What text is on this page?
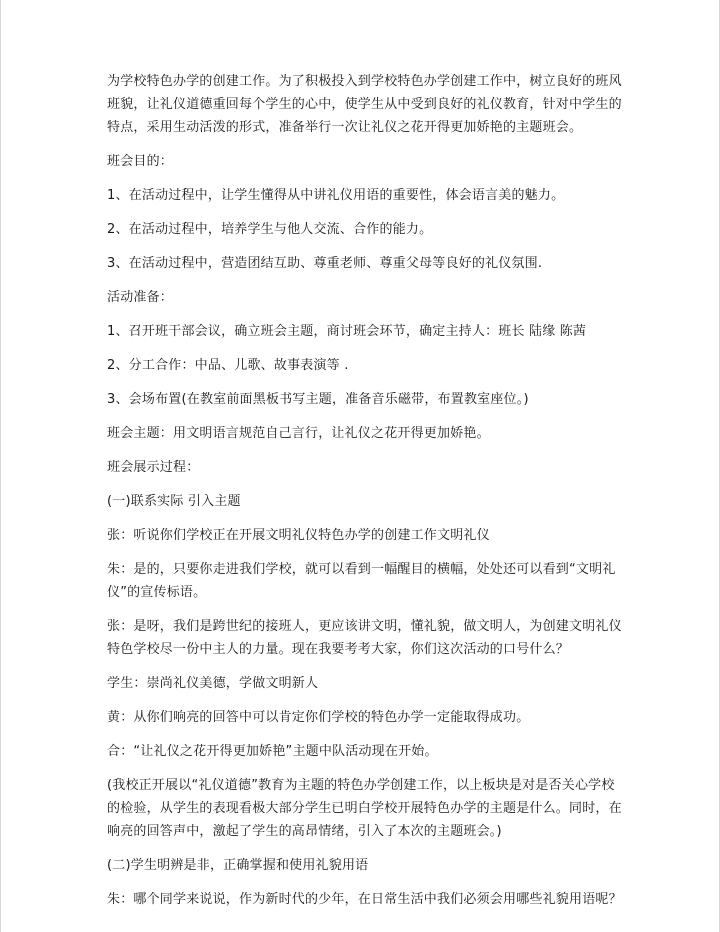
为学校特色办学的创建工作。为了积极投入到学校特色办学创建工作中，树立良好的班风班貌，让礼仪道德重回每个学生的心中，使学生从中受到良好的礼仪教育，针对中学生的特点，采用生动活泼的形式，准备举行一次让礼仪之花开得更加娇艳的主题班会。

班会目的：

1、在活动过程中，让学生懂得从中讲礼仪用语的重要性，体会语言美的魅力。

2、在活动过程中，培养学生与他人交流、合作的能力。

3、在活动过程中，营造团结互助、尊重老师、尊重父母等良好的礼仪氛围.

活动准备：

1、召开班干部会议，确立班会主题，商讨班会环节，确定主持人：班长 陆缘 陈茜

2、分工合作：中品、儿歌、故事表演等 .

3、会场布置(在教室前面黑板书写主题，准备音乐磁带，布置教室座位。)

班会主题：用文明语言规范自己言行，让礼仪之花开得更加娇艳。

班会展示过程：

(一)联系实际 引入主题

张：听说你们学校正在开展文明礼仪特色办学的创建工作文明礼仪

朱：是的，只要你走进我们学校，就可以看到一幅醒目的横幅，处处还可以看到“文明礼仪”的宣传标语。

张：是呀，我们是跨世纪的接班人，更应该讲文明，懂礼貌，做文明人，为创建文明礼仪特色学校尽一份中主人的力量。现在我要考考大家，你们这次活动的口号什么？

学生：崇尚礼仪美德，学做文明新人

黄：从你们响亮的回答中可以肯定你们学校的特色办学一定能取得成功。

合：“让礼仪之花开得更加娇艳”主题中队活动现在开始。

(我校正开展以“礼仪道德”教育为主题的特色办学创建工作，以上板块是对是否关心学校的检验，从学生的表现看极大部分学生已明白学校开展特色办学的主题是什么。同时，在响亮的回答声中，激起了学生的高昂情绪，引入了本次的主题班会。)

(二)学生明辨是非，正确掌握和使用礼貌用语

朱：哪个同学来说说，作为新时代的少年，在日常生活中我们必须会用哪些礼貌用语呢？
